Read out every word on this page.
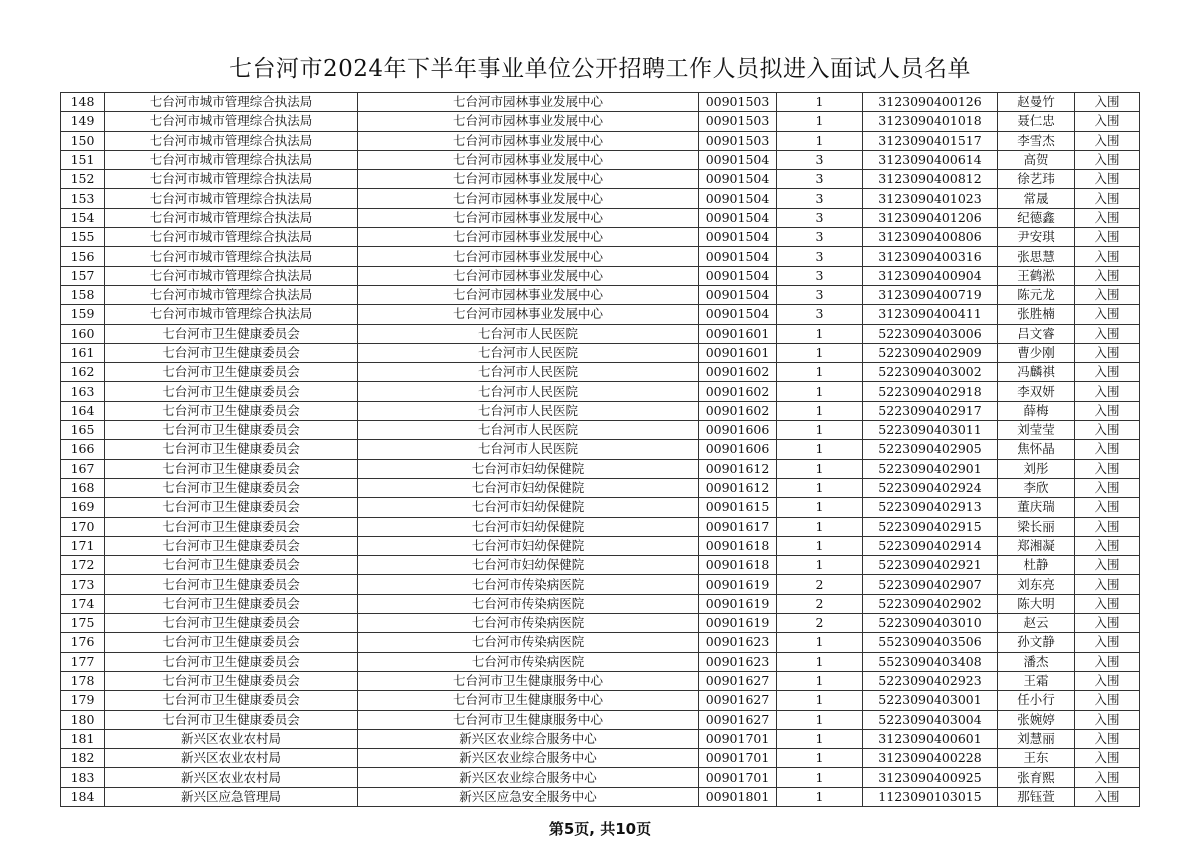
七台河市2024年下半年事业单位公开招聘工作人员拟进入面试人员名单
148	七台河市城市管理综合执法局	七台河市园林事业发展中心	00901503	1	3123090400126	赵曼竹	入围
149	七台河市城市管理综合执法局	七台河市园林事业发展中心	00901503	1	3123090401018	聂仁忠	入围
150	七台河市城市管理综合执法局	七台河市园林事业发展中心	00901503	1	3123090401517	李雪杰	入围
151	七台河市城市管理综合执法局	七台河市园林事业发展中心	00901504	3	3123090400614	高贺	入围
152	七台河市城市管理综合执法局	七台河市园林事业发展中心	00901504	3	3123090400812	徐艺玮	入围
153	七台河市城市管理综合执法局	七台河市园林事业发展中心	00901504	3	3123090401023	常晟	入围
154	七台河市城市管理综合执法局	七台河市园林事业发展中心	00901504	3	3123090401206	纪德鑫	入围
155	七台河市城市管理综合执法局	七台河市园林事业发展中心	00901504	3	3123090400806	尹安琪	入围
156	七台河市城市管理综合执法局	七台河市园林事业发展中心	00901504	3	3123090400316	张思慧	入围
157	七台河市城市管理综合执法局	七台河市园林事业发展中心	00901504	3	3123090400904	王鹤淞	入围
158	七台河市城市管理综合执法局	七台河市园林事业发展中心	00901504	3	3123090400719	陈元龙	入围
159	七台河市城市管理综合执法局	七台河市园林事业发展中心	00901504	3	3123090400411	张胜楠	入围
160	七台河市卫生健康委员会	七台河市人民医院	00901601	1	5223090403006	吕文睿	入围
161	七台河市卫生健康委员会	七台河市人民医院	00901601	1	5223090402909	曹少刚	入围
162	七台河市卫生健康委员会	七台河市人民医院	00901602	1	5223090403002	冯麟祺	入围
163	七台河市卫生健康委员会	七台河市人民医院	00901602	1	5223090402918	李双妍	入围
164	七台河市卫生健康委员会	七台河市人民医院	00901602	1	5223090402917	薛梅	入围
165	七台河市卫生健康委员会	七台河市人民医院	00901606	1	5223090403011	刘莹莹	入围
166	七台河市卫生健康委员会	七台河市人民医院	00901606	1	5223090402905	焦怀晶	入围
167	七台河市卫生健康委员会	七台河市妇幼保健院	00901612	1	5223090402901	刘彤	入围
168	七台河市卫生健康委员会	七台河市妇幼保健院	00901612	1	5223090402924	李欣	入围
169	七台河市卫生健康委员会	七台河市妇幼保健院	00901615	1	5223090402913	董庆瑞	入围
170	七台河市卫生健康委员会	七台河市妇幼保健院	00901617	1	5223090402915	梁长丽	入围
171	七台河市卫生健康委员会	七台河市妇幼保健院	00901618	1	5223090402914	郑湘凝	入围
172	七台河市卫生健康委员会	七台河市妇幼保健院	00901618	1	5223090402921	杜静	入围
173	七台河市卫生健康委员会	七台河市传染病医院	00901619	2	5223090402907	刘东亮	入围
174	七台河市卫生健康委员会	七台河市传染病医院	00901619	2	5223090402902	陈大明	入围
175	七台河市卫生健康委员会	七台河市传染病医院	00901619	2	5223090403010	赵云	入围
176	七台河市卫生健康委员会	七台河市传染病医院	00901623	1	5523090403506	孙文静	入围
177	七台河市卫生健康委员会	七台河市传染病医院	00901623	1	5523090403408	潘杰	入围
178	七台河市卫生健康委员会	七台河市卫生健康服务中心	00901627	1	5223090402923	王霜	入围
179	七台河市卫生健康委员会	七台河市卫生健康服务中心	00901627	1	5223090403001	任小行	入围
180	七台河市卫生健康委员会	七台河市卫生健康服务中心	00901627	1	5223090403004	张婉婷	入围
181	新兴区农业农村局	新兴区农业综合服务中心	00901701	1	3123090400601	刘慧丽	入围
182	新兴区农业农村局	新兴区农业综合服务中心	00901701	1	3123090400228	王东	入围
183	新兴区农业农村局	新兴区农业综合服务中心	00901701	1	3123090400925	张育熙	入围
184	新兴区应急管理局	新兴区应急安全服务中心	00901801	1	1123090103015	那钰萱	入围
第5页, 共10页
